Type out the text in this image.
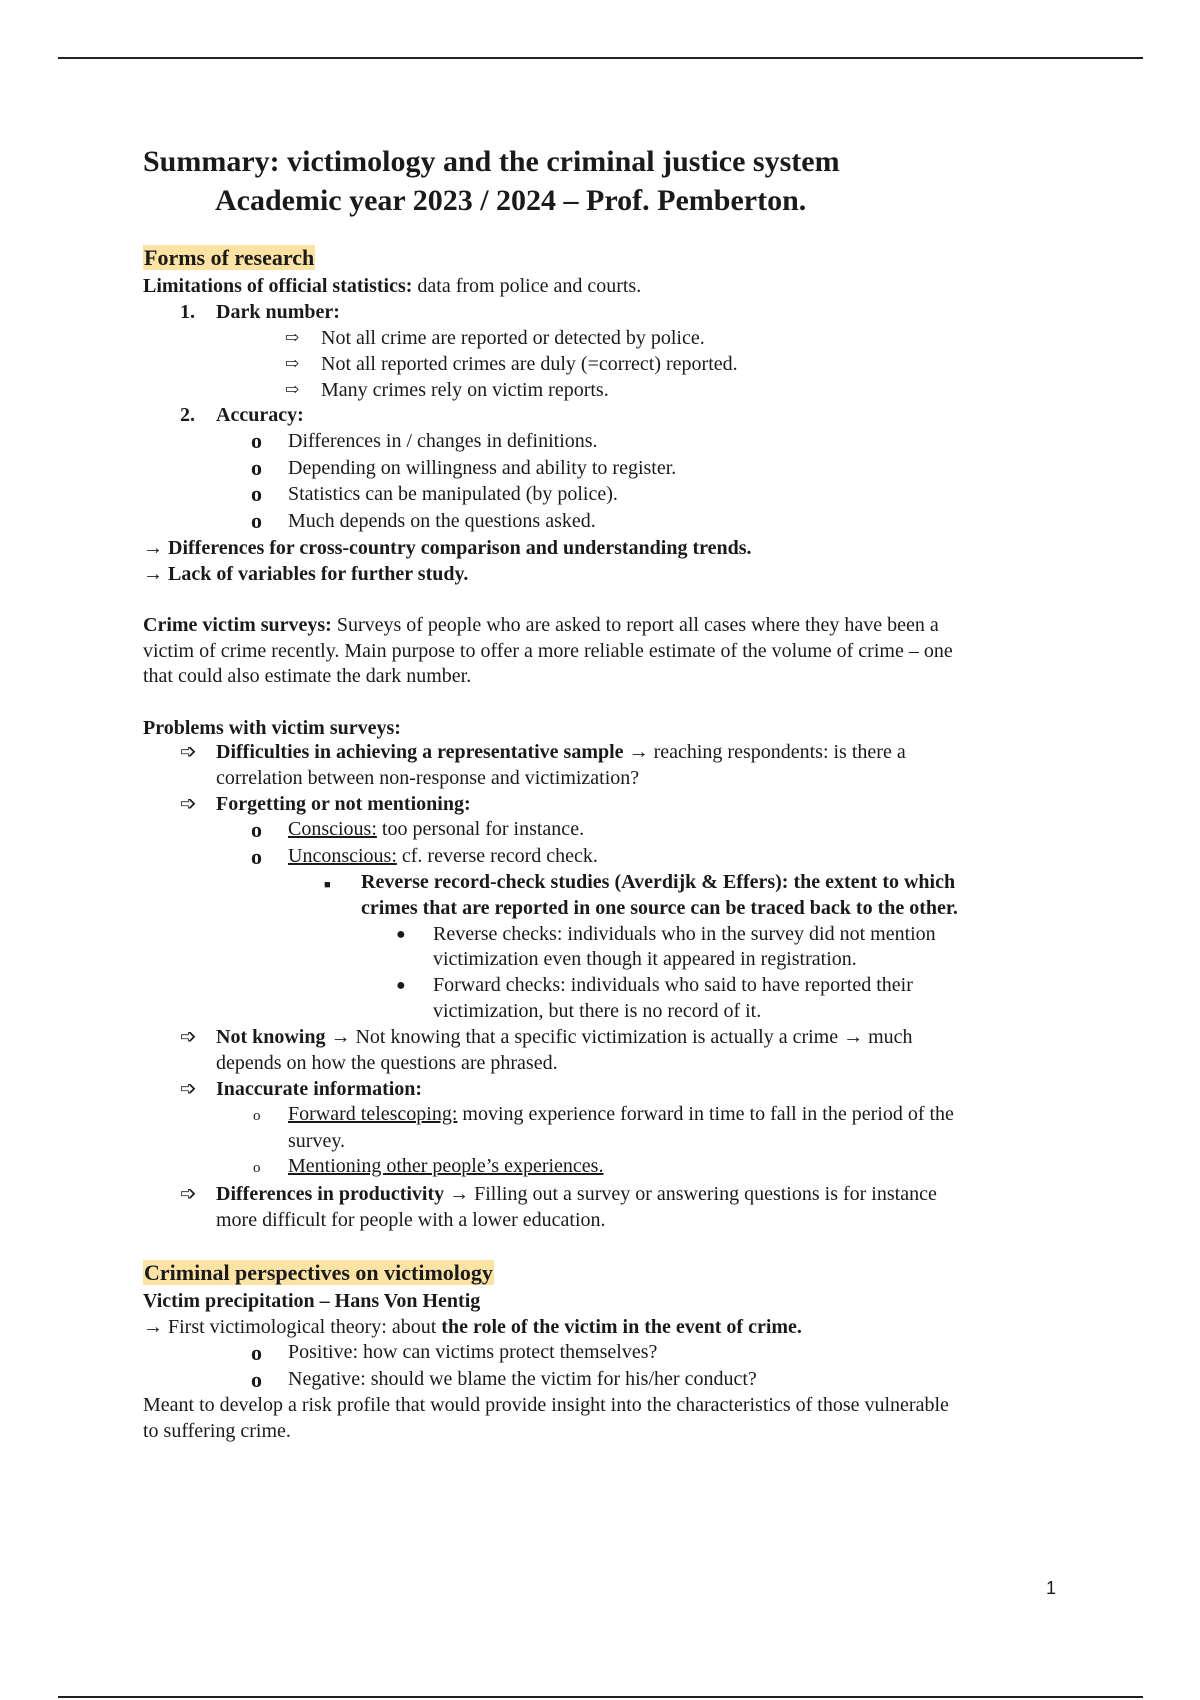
Summary: victimology and the criminal justice system
Academic year 2023 / 2024 – Prof. Pemberton.
Forms of research
Limitations of official statistics: data from police and courts.
1. Dark number:
⇨ Not all crime are reported or detected by police.
⇨ Not all reported crimes are duly (=correct) reported.
⇨ Many crimes rely on victim reports.
2. Accuracy:
o Differences in / changes in definitions.
o Depending on willingness and ability to register.
o Statistics can be manipulated (by police).
o Much depends on the questions asked.
→ Differences for cross-country comparison and understanding trends.
→ Lack of variables for further study.
Crime victim surveys: Surveys of people who are asked to report all cases where they have been a
victim of crime recently. Main purpose to offer a more reliable estimate of the volume of crime – one
that could also estimate the dark number.
Problems with victim surveys:
➩ Difficulties in achieving a representative sample → reaching respondents: is there a
correlation between non-response and victimization?
➩ Forgetting or not mentioning:
o Conscious: too personal for instance.
o Unconscious: cf. reverse record check.
■ Reverse record-check studies (Averdijk & Effers): the extent to which
crimes that are reported in one source can be traced back to the other.
● Reverse checks: individuals who in the survey did not mention
victimization even though it appeared in registration.
● Forward checks: individuals who said to have reported their
victimization, but there is no record of it.
➩ Not knowing → Not knowing that a specific victimization is actually a crime → much
depends on how the questions are phrased.
➩ Inaccurate information:
o Forward telescoping: moving experience forward in time to fall in the period of the
survey.
o Mentioning other people’s experiences.
➩ Differences in productivity → Filling out a survey or answering questions is for instance
more difficult for people with a lower education.
Criminal perspectives on victimology
Victim precipitation – Hans Von Hentig
→ First victimological theory: about the role of the victim in the event of crime.
o Positive: how can victims protect themselves?
o Negative: should we blame the victim for his/her conduct?
Meant to develop a risk profile that would provide insight into the characteristics of those vulnerable
to suffering crime.
1
